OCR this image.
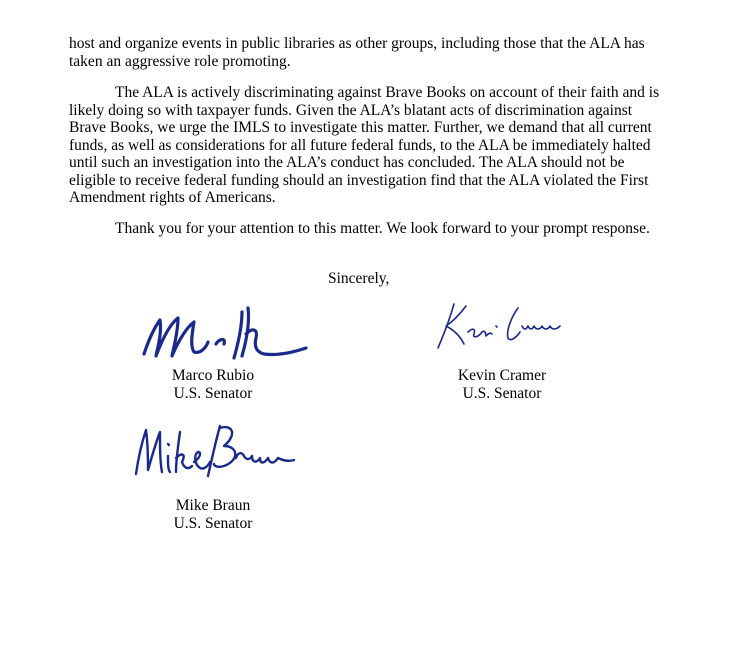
host and organize events in public libraries as other groups, including those that the ALA has
taken an aggressive role promoting.

The ALA is actively discriminating against Brave Books on account of their faith and is
likely doing so with taxpayer funds. Given the ALA’s blatant acts of discrimination against
Brave Books, we urge the IMLS to investigate this matter. Further, we demand that all current
funds, as well as considerations for all future federal funds, to the ALA be immediately halted
until such an investigation into the ALA’s conduct has concluded. The ALA should not be
eligible to receive federal funding should an investigation find that the ALA violated the First
Amendment rights of Americans.

Thank you for your attention to this matter. We look forward to your prompt response.

Sincerely,

Marco Rubio
U.S. Senator
Kevin Cramer
U.S. Senator
Mike Braun
U.S. Senator
